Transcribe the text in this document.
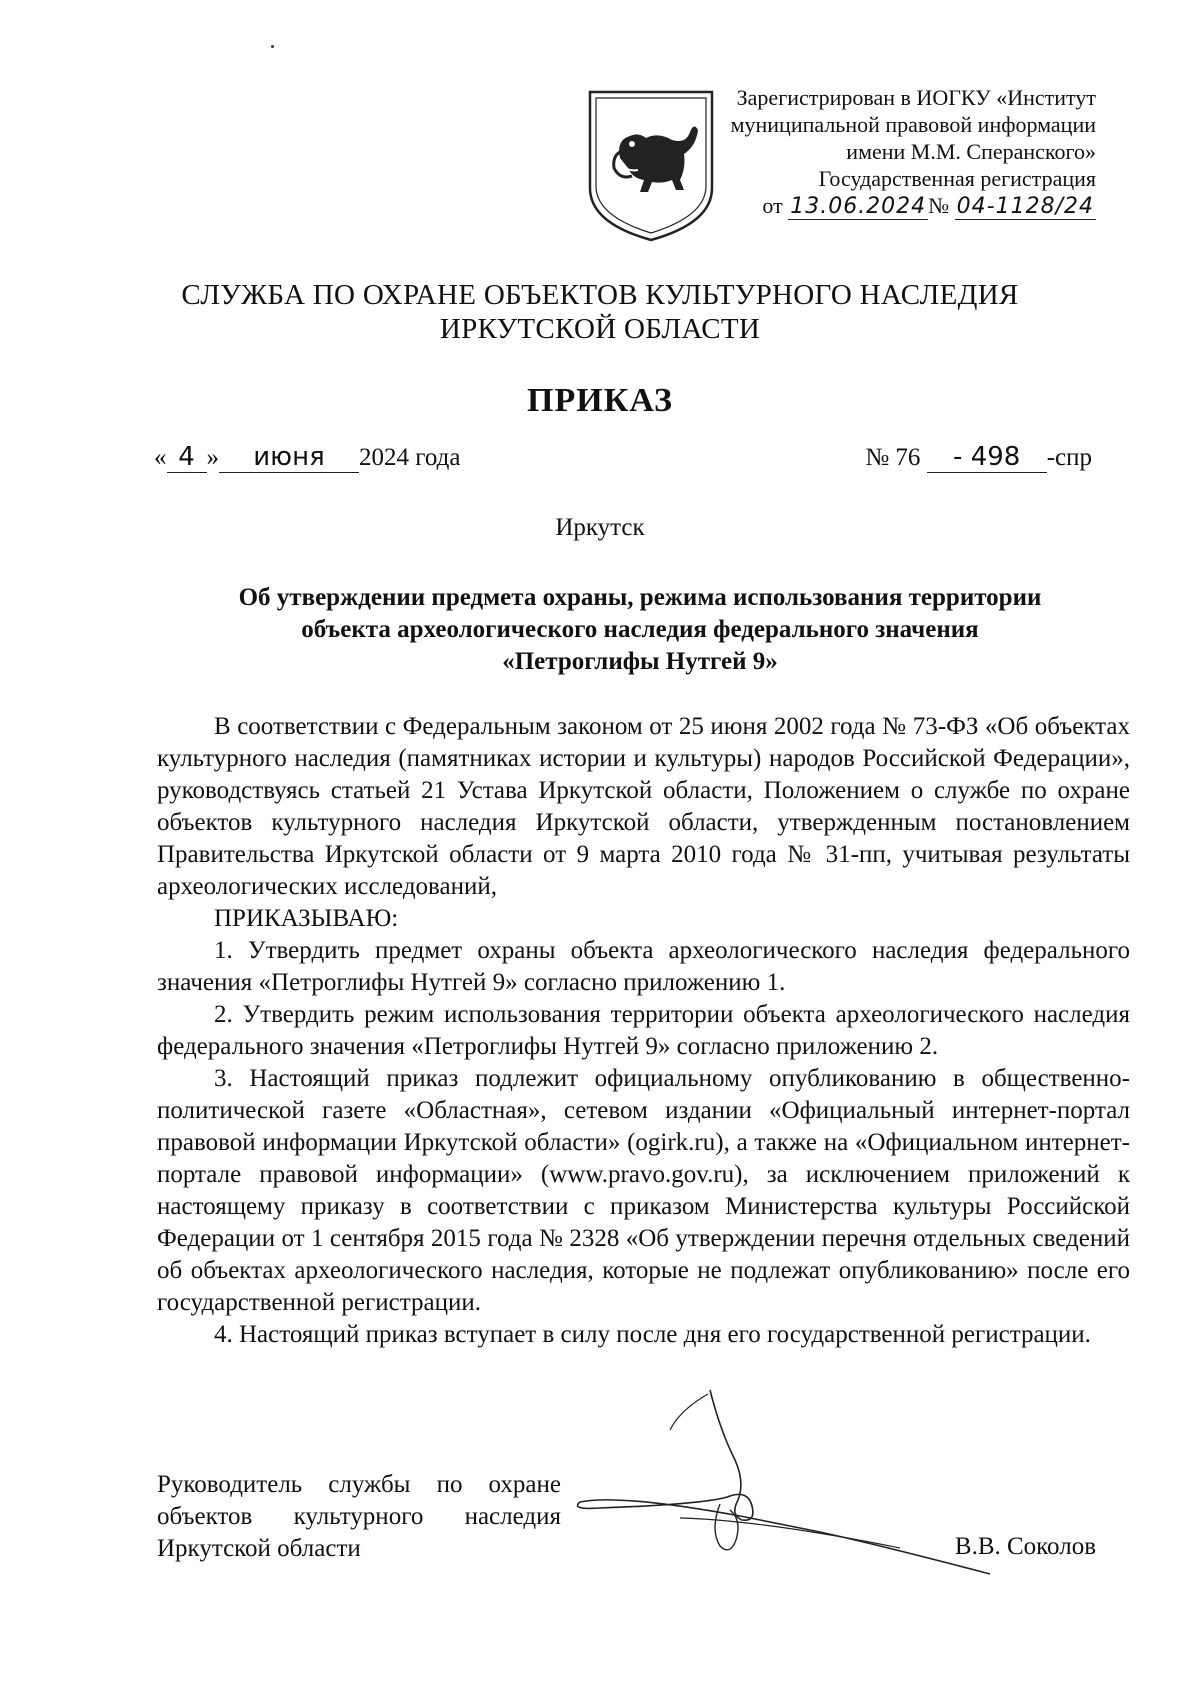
Зарегистрирован в ИОГКУ «Институт
муниципальной правовой информации
имени М.М. Сперанского»
Государственная регистрация
от 13.06.2024№ 04-1128/24
СЛУЖБА ПО ОХРАНЕ ОБЪЕКТОВ КУЛЬТУРНОГО НАСЛЕДИЯ
ИРКУТСКОЙ ОБЛАСТИ
ПРИКАЗ
« 4 » июня 2024 года	№ 76 - 498 -спр
Иркутск
Об утверждении предмета охраны, режима использования территории
объекта археологического наследия федерального значения
«Петроглифы Нутгей 9»

В соответствии с Федеральным законом от 25 июня 2002 года № 73-ФЗ «Об объектах культурного наследия (памятниках истории и культуры) народов Российской Федерации», руководствуясь статьей 21 Устава Иркутской области, Положением о службе по охране объектов культурного наследия Иркутской области, утвержденным постановлением Правительства Иркутской области от 9 марта 2010 года № 31-пп, учитывая результаты археологических исследований,

ПРИКАЗЫВАЮ:

1. Утвердить предмет охраны объекта археологического наследия федерального значения «Петроглифы Нутгей 9» согласно приложению 1.

2. Утвердить режим использования территории объекта археологического наследия федерального значения «Петроглифы Нутгей 9» согласно приложению 2.

3. Настоящий приказ подлежит официальному опубликованию в общественно-политической газете «Областная», сетевом издании «Официальный интернет-портал правовой информации Иркутской области» (ogirk.ru), а также на «Официальном интернет-портале правовой информации» (www.pravo.gov.ru), за исключением приложений к настоящему приказу в соответствии с приказом Министерства культуры Российской Федерации от 1 сентября 2015 года № 2328 «Об утверждении перечня отдельных сведений об объектах археологического наследия, которые не подлежат опубликованию» после его государственной регистрации.

4. Настоящий приказ вступает в силу после дня его государственной регистрации.

Руководитель службы по охране
объектов культурного наследия
Иркутской области	В.В. Соколов
